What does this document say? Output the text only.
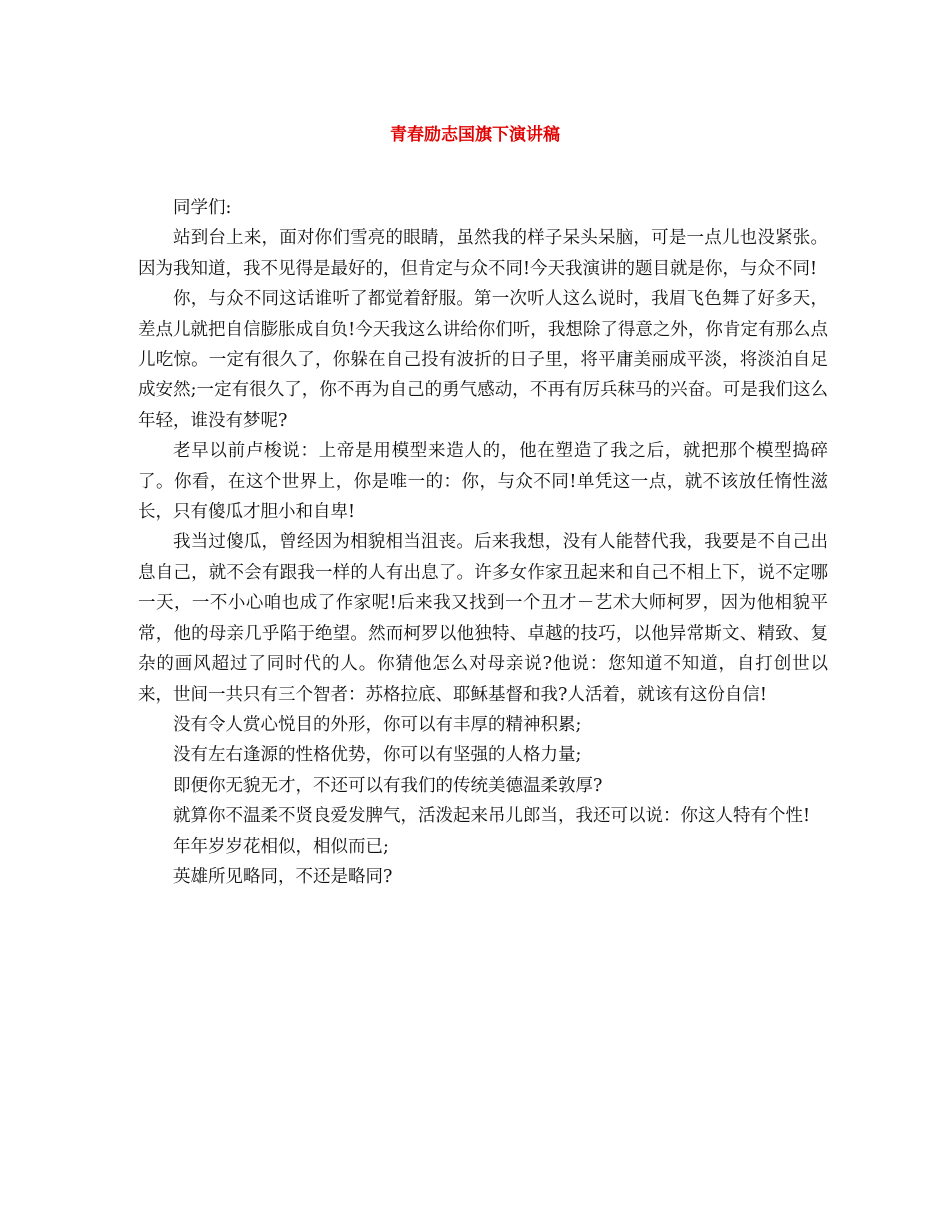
青春励志国旗下演讲稿

同学们:

站到台上来，面对你们雪亮的眼睛，虽然我的样子呆头呆脑，可是一点儿也没紧张。因为我知道，我不见得是最好的，但肯定与众不同!今天我演讲的题目就是你，与众不同!

你，与众不同这话谁听了都觉着舒服。第一次听人这么说时，我眉飞色舞了好多天，差点儿就把自信膨胀成自负!今天我这么讲给你们听，我想除了得意之外，你肯定有那么点儿吃惊。一定有很久了，你躲在自己投有波折的日子里，将平庸美丽成平淡，将淡泊自足成安然;一定有很久了，你不再为自己的勇气感动，不再有厉兵秣马的兴奋。可是我们这么年轻，谁没有梦呢?

老早以前卢梭说：上帝是用模型来造人的，他在塑造了我之后，就把那个模型捣碎了。你看，在这个世界上，你是唯一的：你，与众不同!单凭这一点，就不该放任惰性滋长，只有傻瓜才胆小和自卑!

我当过傻瓜，曾经因为相貌相当沮丧。后来我想，没有人能替代我，我要是不自己出息自己，就不会有跟我一样的人有出息了。许多女作家丑起来和自己不相上下，说不定哪一天，一不小心咱也成了作家呢!后来我又找到一个丑才－艺术大师柯罗，因为他相貌平常，他的母亲几乎陷于绝望。然而柯罗以他独特、卓越的技巧，以他异常斯文、精致、复杂的画风超过了同时代的人。你猜他怎么对母亲说?他说：您知道不知道，自打创世以来，世间一共只有三个智者：苏格拉底、耶稣基督和我?人活着，就该有这份自信!

没有令人赏心悦目的外形，你可以有丰厚的精神积累;

没有左右逢源的性格优势，你可以有坚强的人格力量;

即便你无貌无才，不还可以有我们的传统美德温柔敦厚?

就算你不温柔不贤良爱发脾气，活泼起来吊儿郎当，我还可以说：你这人特有个性!

年年岁岁花相似，相似而已;

英雄所见略同，不还是略同?
